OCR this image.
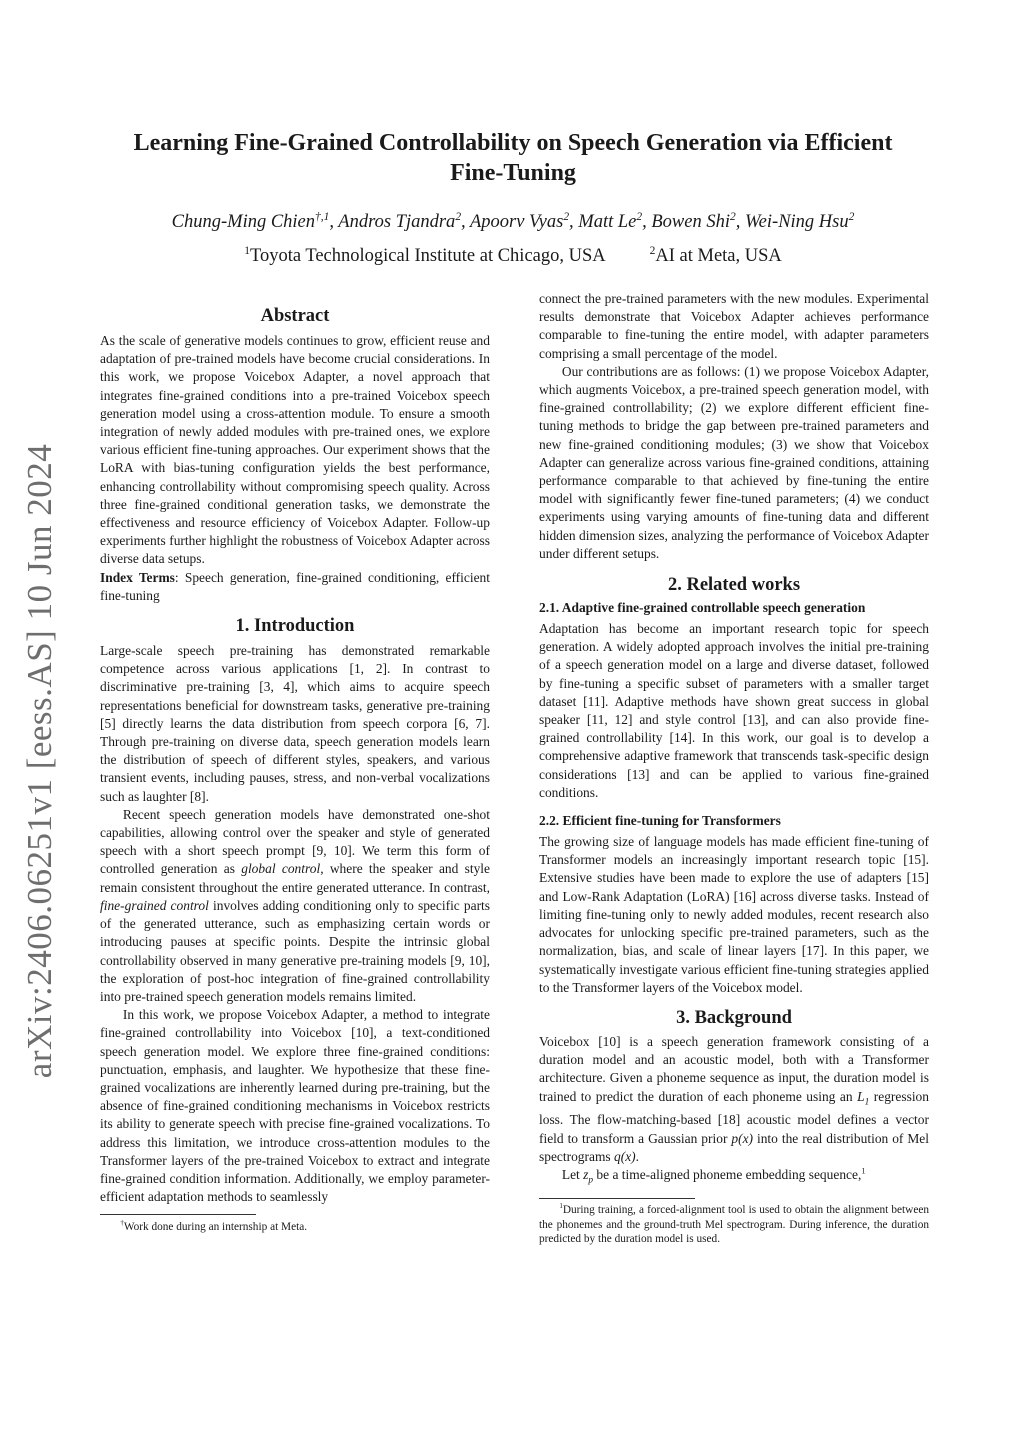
arXiv:2406.06251v1 [eess.AS] 10 Jun 2024
Learning Fine-Grained Controllability on Speech Generation via Efficient Fine-Tuning
Chung-Ming Chien$^{\dagger,1}$, Andros Tjandra$^2$, Apoorv Vyas$^2$, Matt Le$^2$, Bowen Shi$^2$, Wei-Ning Hsu$^2$
$^1$Toyota Technological Institute at Chicago, USA	$^2$AI at Meta, USA
Abstract

As the scale of generative models continues to grow, efficient reuse and adaptation of pre-trained models have become crucial considerations. In this work, we propose Voicebox Adapter, a novel approach that integrates fine-grained conditions into a pre-trained Voicebox speech generation model using a cross-attention module. To ensure a smooth integration of newly added modules with pre-trained ones, we explore various efficient fine-tuning approaches. Our experiment shows that the LoRA with bias-tuning configuration yields the best performance, enhancing controllability without compromising speech quality. Across three fine-grained conditional generation tasks, we demonstrate the effectiveness and resource efficiency of Voicebox Adapter. Follow-up experiments further highlight the robustness of Voicebox Adapter across diverse data setups.

Index Terms: Speech generation, fine-grained conditioning, efficient fine-tuning

1. Introduction

Large-scale speech pre-training has demonstrated remarkable competence across various applications [1, 2]. In contrast to discriminative pre-training [3, 4], which aims to acquire speech representations beneficial for downstream tasks, generative pre-training [5] directly learns the data distribution from speech corpora [6, 7]. Through pre-training on diverse data, speech generation models learn the distribution of speech of different styles, speakers, and various transient events, including pauses, stress, and non-verbal vocalizations such as laughter [8].

Recent speech generation models have demonstrated one-shot capabilities, allowing control over the speaker and style of generated speech with a short speech prompt [9, 10]. We term this form of controlled generation as global control, where the speaker and style remain consistent throughout the entire generated utterance. In contrast, fine-grained control involves adding conditioning only to specific parts of the generated utterance, such as emphasizing certain words or introducing pauses at specific points. Despite the intrinsic global controllability observed in many generative pre-training models [9, 10], the exploration of post-hoc integration of fine-grained controllability into pre-trained speech generation models remains limited.

In this work, we propose Voicebox Adapter, a method to integrate fine-grained controllability into Voicebox [10], a text-conditioned speech generation model. We explore three fine-grained conditions: punctuation, emphasis, and laughter. We hypothesize that these fine-grained vocalizations are inherently learned during pre-training, but the absence of fine-grained conditioning mechanisms in Voicebox restricts its ability to generate speech with precise fine-grained vocalizations. To address this limitation, we introduce cross-attention modules to the Transformer layers of the pre-trained Voicebox to extract and integrate fine-grained condition information. Additionally, we employ parameter-efficient adaptation methods to seamlessly

†Work done during an internship at Meta.

connect the pre-trained parameters with the new modules. Experimental results demonstrate that Voicebox Adapter achieves performance comparable to fine-tuning the entire model, with adapter parameters comprising a small percentage of the model.

Our contributions are as follows: (1) we propose Voicebox Adapter, which augments Voicebox, a pre-trained speech generation model, with fine-grained controllability; (2) we explore different efficient fine-tuning methods to bridge the gap between pre-trained parameters and new fine-grained conditioning modules; (3) we show that Voicebox Adapter can generalize across various fine-grained conditions, attaining performance comparable to that achieved by fine-tuning the entire model with significantly fewer fine-tuned parameters; (4) we conduct experiments using varying amounts of fine-tuning data and different hidden dimension sizes, analyzing the performance of Voicebox Adapter under different setups.

2. Related works
2.1. Adaptive fine-grained controllable speech generation

Adaptation has become an important research topic for speech generation. A widely adopted approach involves the initial pre-training of a speech generation model on a large and diverse dataset, followed by fine-tuning a specific subset of parameters with a smaller target dataset [11]. Adaptive methods have shown great success in global speaker [11, 12] and style control [13], and can also provide fine-grained controllability [14]. In this work, our goal is to develop a comprehensive adaptive framework that transcends task-specific design considerations [13] and can be applied to various fine-grained conditions.

2.2. Efficient fine-tuning for Transformers

The growing size of language models has made efficient fine-tuning of Transformer models an increasingly important research topic [15]. Extensive studies have been made to explore the use of adapters [15] and Low-Rank Adaptation (LoRA) [16] across diverse tasks. Instead of limiting fine-tuning only to newly added modules, recent research also advocates for unlocking specific pre-trained parameters, such as the normalization, bias, and scale of linear layers [17]. In this paper, we systematically investigate various efficient fine-tuning strategies applied to the Transformer layers of the Voicebox model.

3. Background

Voicebox [10] is a speech generation framework consisting of a duration model and an acoustic model, both with a Transformer architecture. Given a phoneme sequence as input, the duration model is trained to predict the duration of each phoneme using an $L_1$ regression loss. The flow-matching-based [18] acoustic model defines a vector field to transform a Gaussian prior p(x) into the real distribution of Mel spectrograms q(x).

Let $z_p$ be a time-aligned phoneme embedding sequence,$^1$

$^1$During training, a forced-alignment tool is used to obtain the alignment between the phonemes and the ground-truth Mel spectrogram. During inference, the duration predicted by the duration model is used.
